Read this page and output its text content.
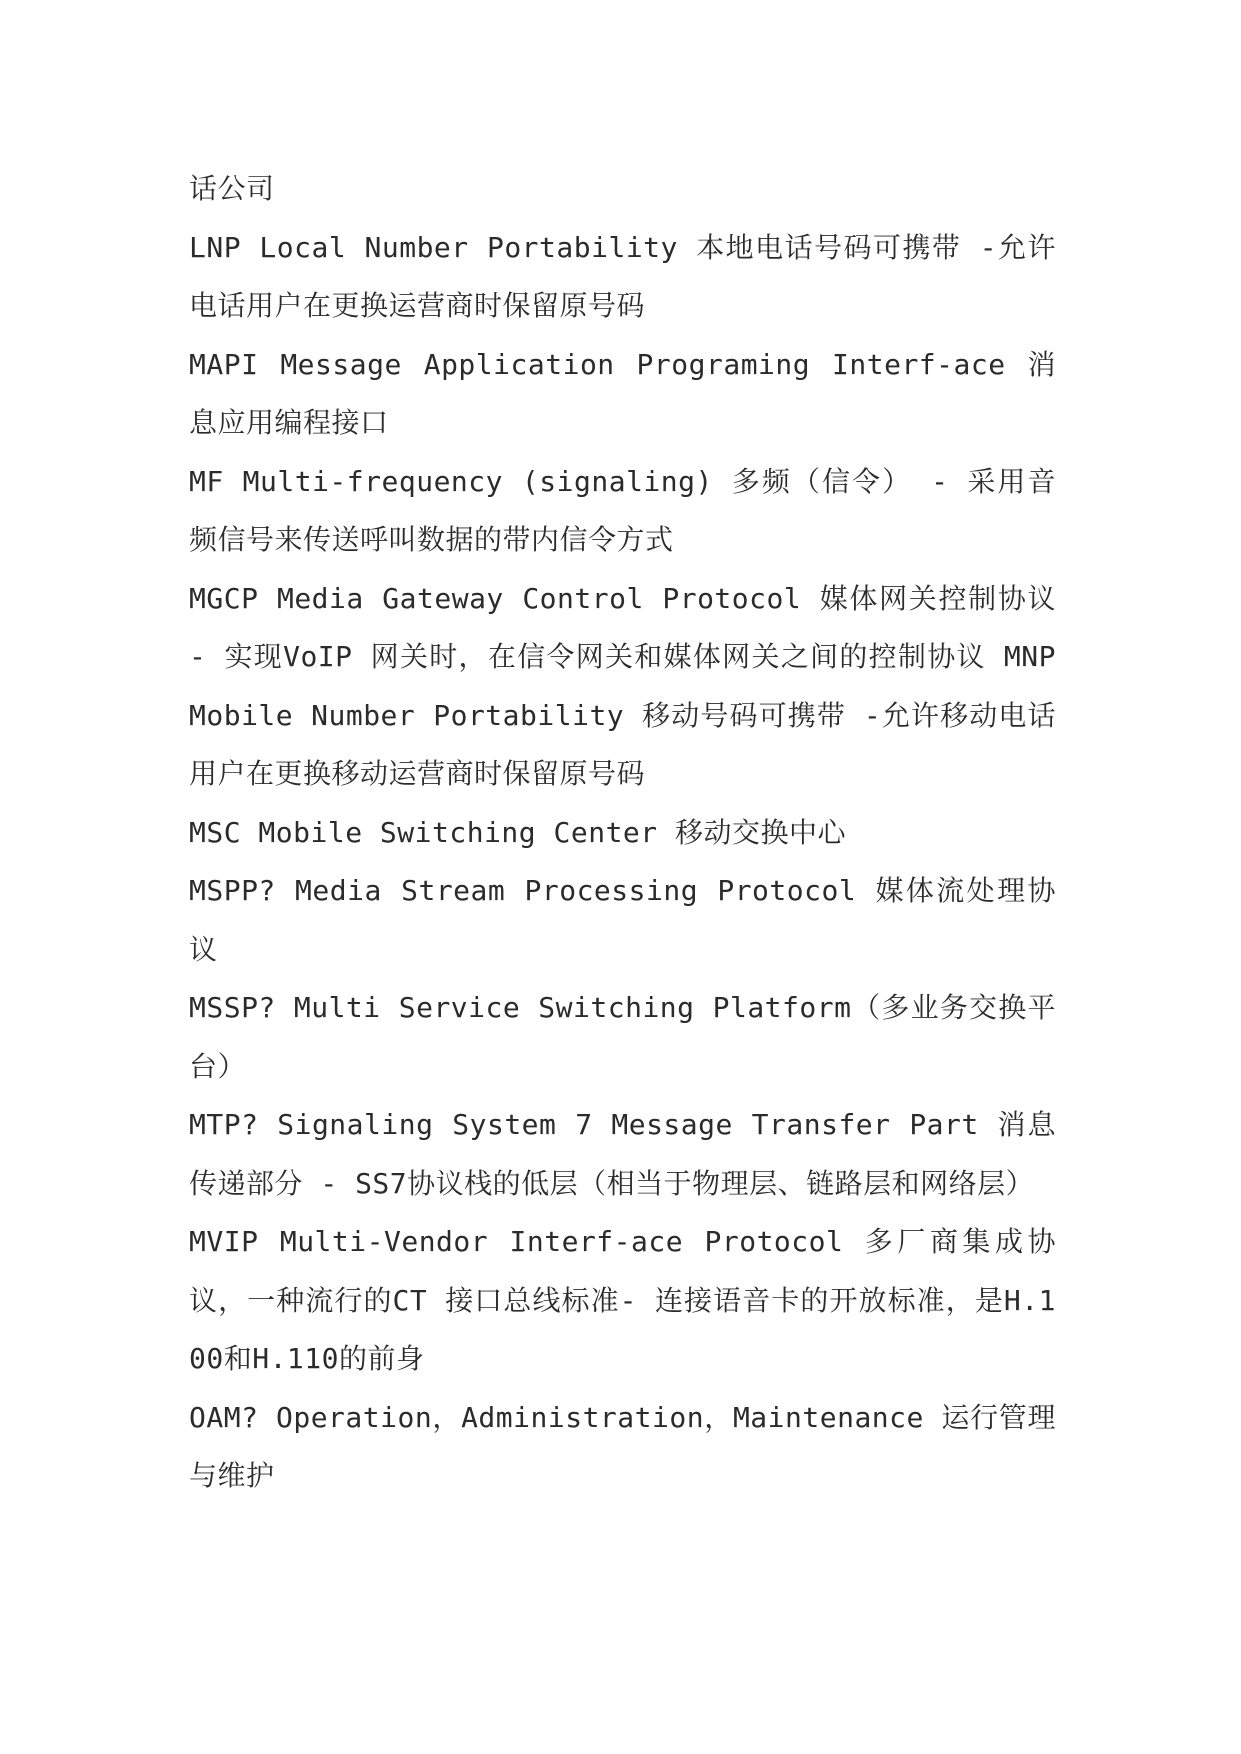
话公司

LNP Local Number Portability 本地电话号码可携带 -允许电话用户在更换运营商时保留原号码

MAPI Message Application Programing Interf-ace 消息应用编程接口

MF Multi-frequency (signaling) 多频（信令） - 采用音频信号来传送呼叫数据的带内信令方式

MGCP Media Gateway Control Protocol 媒体网关控制协议 - 实现VoIP 网关时，在信令网关和媒体网关之间的控制协议 MNP Mobile Number Portability 移动号码可携带 -允许移动电话用户在更换移动运营商时保留原号码

MSC Mobile Switching Center 移动交换中心

MSPP? Media Stream Processing Protocol 媒体流处理协议

MSSP? Multi Service Switching Platform（多业务交换平台）

MTP? Signaling System 7 Message Transfer Part 消息传递部分 - SS7协议栈的低层（相当于物理层、链路层和网络层）

MVIP Multi-Vendor Interf-ace Protocol 多厂商集成协议，一种流行的CT 接口总线标准- 连接语音卡的开放标准，是H.100和H.110的前身

OAM? Operation，Administration，Maintenance 运行管理与维护
